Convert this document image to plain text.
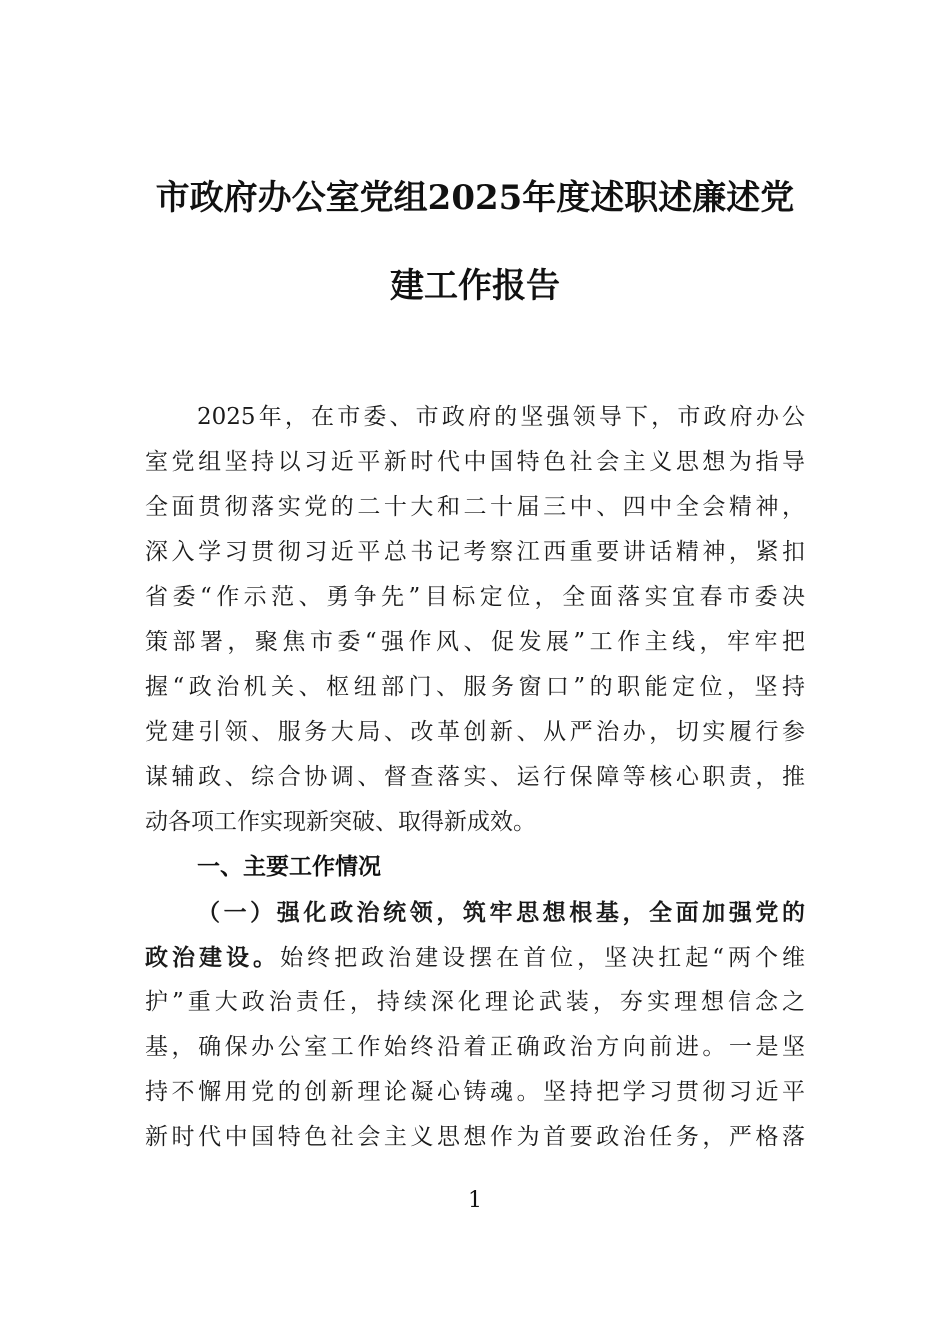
市政府办公室党组2025年度述职述廉述党
建工作报告
2025年，在市委、市政府的坚强领导下，市政府办公
室党组坚持以习近平新时代中国特色社会主义思想为指导
全面贯彻落实党的二十大和二十届三中、四中全会精神，
深入学习贯彻习近平总书记考察江西重要讲话精神，紧扣
省委“作示范、勇争先”目标定位，全面落实宜春市委决
策部署，聚焦市委“强作风、促发展”工作主线，牢牢把
握“政治机关、枢纽部门、服务窗口”的职能定位，坚持
党建引领、服务大局、改革创新、从严治办，切实履行参
谋辅政、综合协调、督查落实、运行保障等核心职责，推
动各项工作实现新突破、取得新成效。
一、主要工作情况
（一）强化政治统领，筑牢思想根基，全面加强党的
政治建设。始终把政治建设摆在首位，坚决扛起“两个维
护”重大政治责任，持续深化理论武装，夯实理想信念之
基，确保办公室工作始终沿着正确政治方向前进。一是坚
持不懈用党的创新理论凝心铸魂。坚持把学习贯彻习近平
新时代中国特色社会主义思想作为首要政治任务，严格落
1
